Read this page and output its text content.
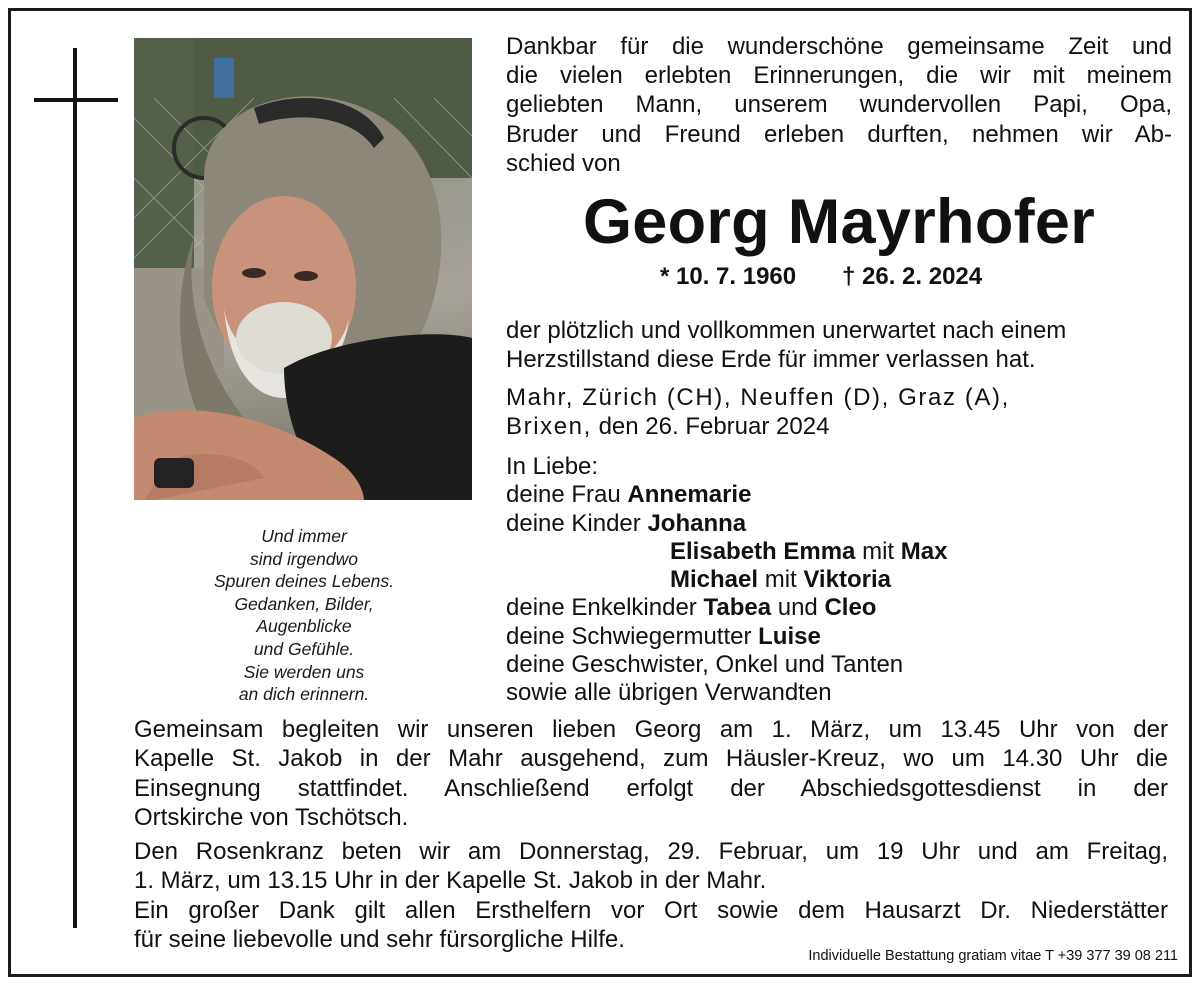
Und immer
sind irgendwo
Spuren deines Lebens.
Gedanken, Bilder,
Augenblicke
und Gefühle.
Sie werden uns
an dich erinnern.
Dankbar für die wunderschöne gemeinsame Zeit und
die vielen erlebten Erinnerungen, die wir mit meinem
geliebten Mann, unserem wundervollen Papi, Opa,
Bruder und Freund erleben durften, nehmen wir Ab-
schied von
Georg Mayrhofer
* 10. 7. 1960 † 26. 2. 2024
der plötzlich und vollkommen unerwartet nach einem
Herzstillstand diese Erde für immer verlassen hat.
Mahr, Zürich (CH), Neuffen (D), Graz (A),
Brixen, den 26. Februar 2024
In Liebe:
deine Frau Annemarie
deine Kinder Johanna
Elisabeth Emma mit Max
Michael mit Viktoria
deine Enkelkinder Tabea und Cleo
deine Schwiegermutter Luise
deine Geschwister, Onkel und Tanten
sowie alle übrigen Verwandten
Gemeinsam begleiten wir unseren lieben Georg am 1. März, um 13.45 Uhr von der
Kapelle St. Jakob in der Mahr ausgehend, zum Häusler-Kreuz, wo um 14.30 Uhr die
Einsegnung stattfindet. Anschließend erfolgt der Abschiedsgottesdienst in der
Ortskirche von Tschötsch.
Den Rosenkranz beten wir am Donnerstag, 29. Februar, um 19 Uhr und am Freitag,
1. März, um 13.15 Uhr in der Kapelle St. Jakob in der Mahr.
Ein großer Dank gilt allen Ersthelfern vor Ort sowie dem Hausarzt Dr. Niederstätter
für seine liebevolle und sehr fürsorgliche Hilfe.
Individuelle Bestattung gratiam vitae T +39 377 39 08 211
